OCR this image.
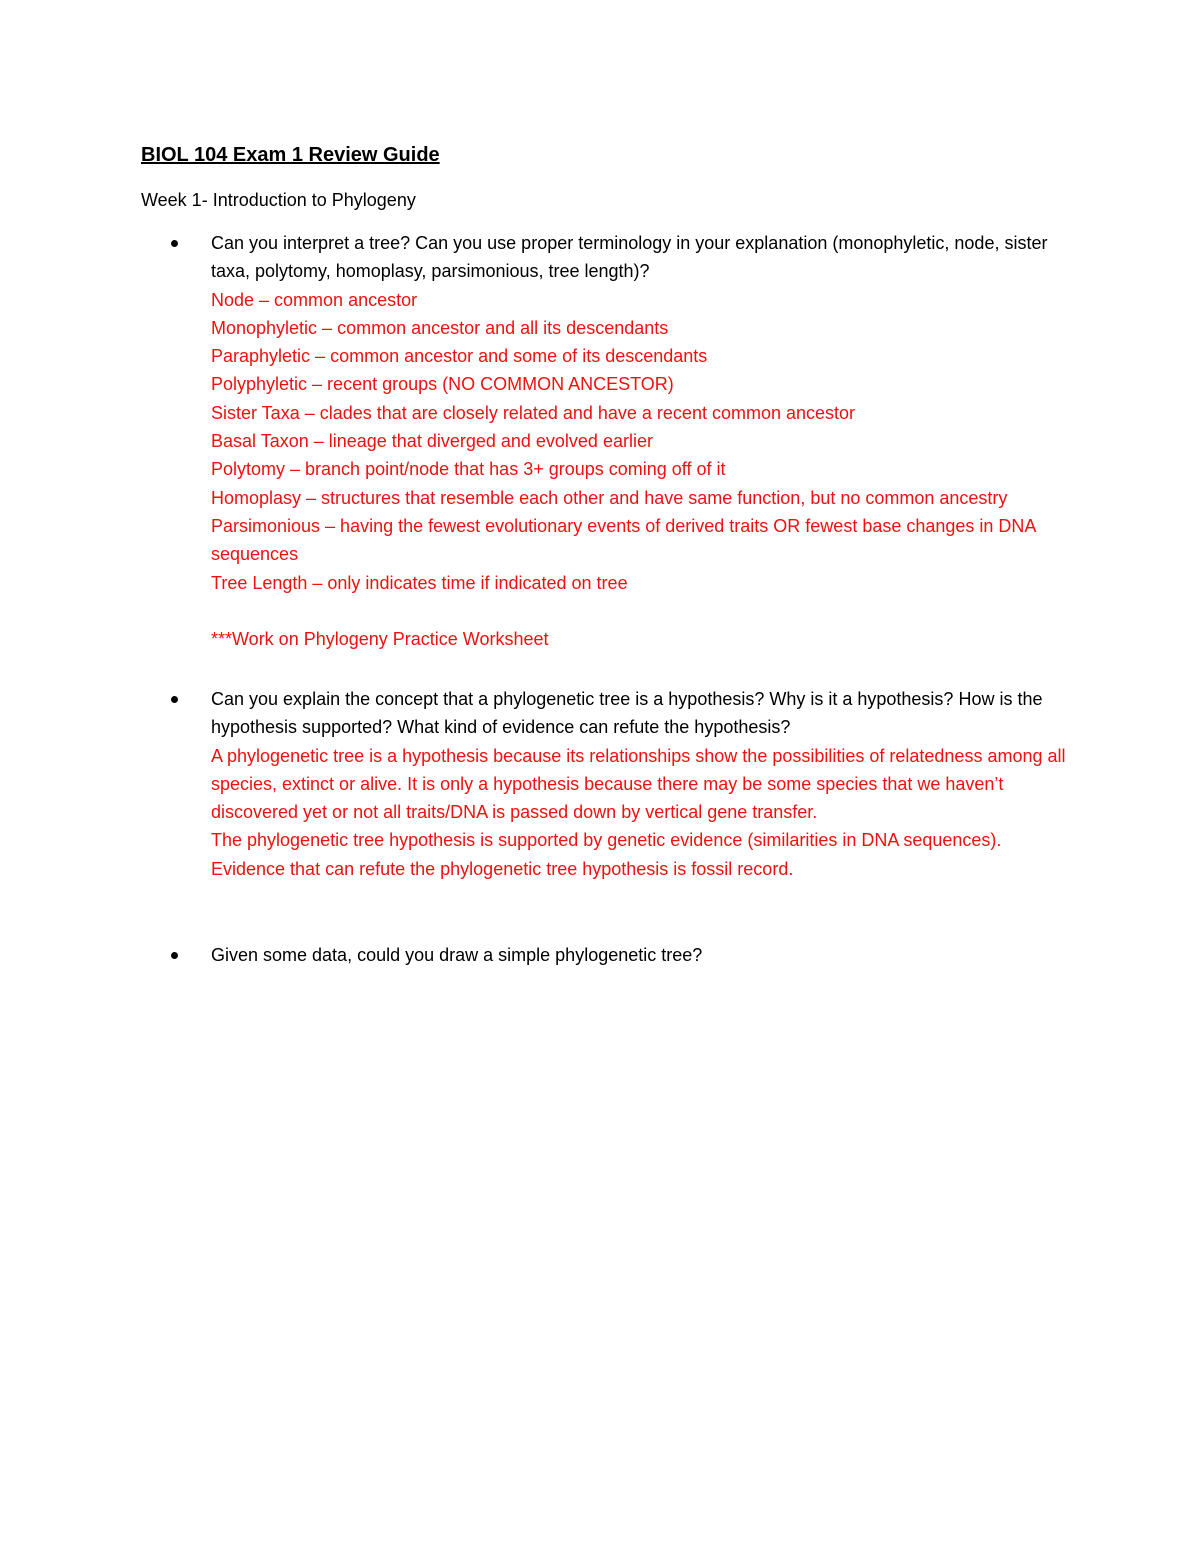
BIOL 104 Exam 1 Review Guide
Week 1- Introduction to Phylogeny
Can you interpret a tree? Can you use proper terminology in your explanation (monophyletic, node, sister taxa, polytomy, homoplasy, parsimonious, tree length)?
Node – common ancestor
Monophyletic – common ancestor and all its descendants
Paraphyletic – common ancestor and some of its descendants
Polyphyletic – recent groups (NO COMMON ANCESTOR)
Sister Taxa – clades that are closely related and have a recent common ancestor
Basal Taxon – lineage that diverged and evolved earlier
Polytomy – branch point/node that has 3+ groups coming off of it
Homoplasy – structures that resemble each other and have same function, but no common ancestry
Parsimonious – having the fewest evolutionary events of derived traits OR fewest base changes in DNA sequences
Tree Length – only indicates time if indicated on tree
***Work on Phylogeny Practice Worksheet
Can you explain the concept that a phylogenetic tree is a hypothesis? Why is it a hypothesis? How is the hypothesis supported? What kind of evidence can refute the hypothesis?
A phylogenetic tree is a hypothesis because its relationships show the possibilities of relatedness among all species, extinct or alive. It is only a hypothesis because there may be some species that we haven’t discovered yet or not all traits/DNA is passed down by vertical gene transfer.
The phylogenetic tree hypothesis is supported by genetic evidence (similarities in DNA sequences).
Evidence that can refute the phylogenetic tree hypothesis is fossil record.
Given some data, could you draw a simple phylogenetic tree?
